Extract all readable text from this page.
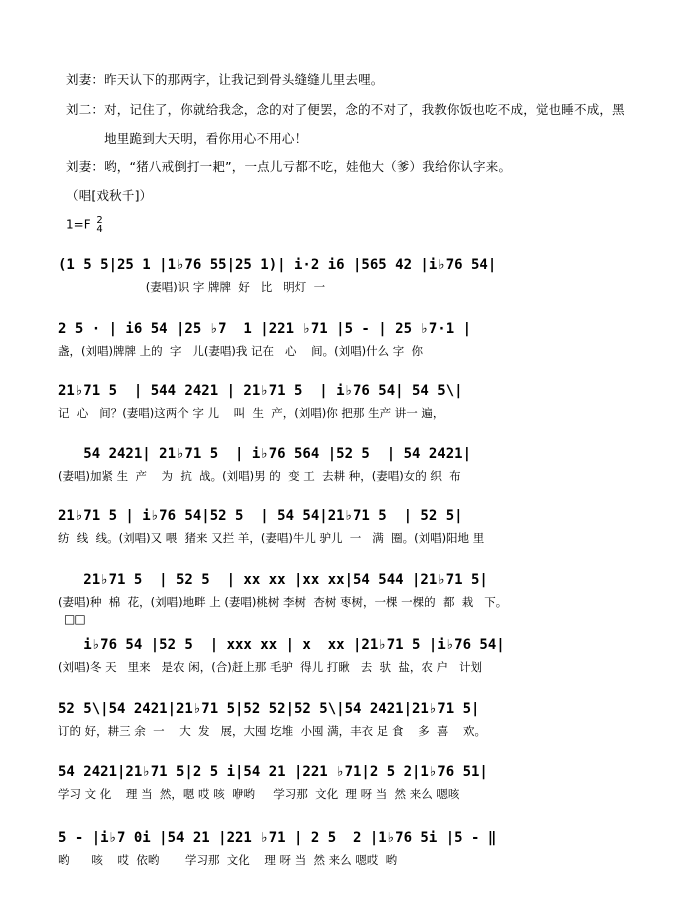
刘妻：昨天认下的那两字，让我记到骨头缝缝儿里去哩。
刘二：对，记住了，你就给我念，念的对了便罢，念的不对了，我教你饭也吃不成，觉也睡不成，黑
　　　地里跪到大天明，看你用心不用心！
刘妻：哟，“猪八戒倒打一耙”，一点儿亏都不吃，娃他大（爹）我给你认字来。
（唱[戏秋千]）
1=F 2
4
(1 5 5|25 1 |1♭76 55|25 1)| i·2 i6 |565 42 |i♭76 54|
(妻唱)识 字 牌牌  好   比   明灯  一
2 5 · | i6 54 |25 ♭7  1 |221 ♭71 |5 - | 25 ♭7·1 |
盏，(刘唱)牌牌 上的  字   儿(妻唱)我 记在   心    间。(刘唱)什么 字  你
21♭71 5  | 544 2421 | 21♭71 5  | i♭76 54| 54 5\|
记  心   间？(妻唱)这两个 字 儿    叫  生  产，(刘唱)你 把那 生产 讲一 遍，
54 2421| 21♭71 5  | i♭76 564 |52 5  | 54 2421|
(妻唱)加紧 生  产    为  抗  战。(刘唱)男 的  变 工  去耕 种，(妻唱)女的 织  布
21♭71 5 | i♭76 54|52 5  | 54 54|21♭71 5  | 52 5|
纺  线  线。(刘唱)又 喂  猪来 又拦 羊，(妻唱)牛儿 驴儿  一   满  圈。(刘唱)阳地 里
21♭71 5  | 52 5  | xx xx |xx xx|54 544 |21♭71 5|
(妻唱)种  棉  花，(刘唱)地畔 上 (妻唱)桃树 李树  杏树 枣树，一棵 一棵的  都  栽   下。
□□
i♭76 54 |52 5  | xxx xx | x  xx |21♭71 5 |i♭76 54|
(刘唱)冬 天   里来   是农 闲，(合)赶上那 毛驴  得儿 打瞅   去  驮  盐，农 户   计划
52 5\|54 2421|21♭71 5|52 52|52 5\|54 2421|21♭71 5|
订的 好，耕三 余  一    大  发   展，大囤 圪堆  小囤 满，丰衣 足 食    多  喜    欢。
54 2421|21♭71 5|2 5 i|54 21 |221 ♭71|2 5 2|1♭76 51|
学习 文 化    理 当  然，嗯 哎 咳  咿哟     学习那  文化  理 呀 当  然 来么 嗯咳
5 - |i♭7 0i |54 21 |221 ♭71 | 2 5  2 |1♭76 5i |5 - ‖
哟      咳    哎  依哟       学习那  文化    理 呀 当  然 来么 嗯哎  哟
